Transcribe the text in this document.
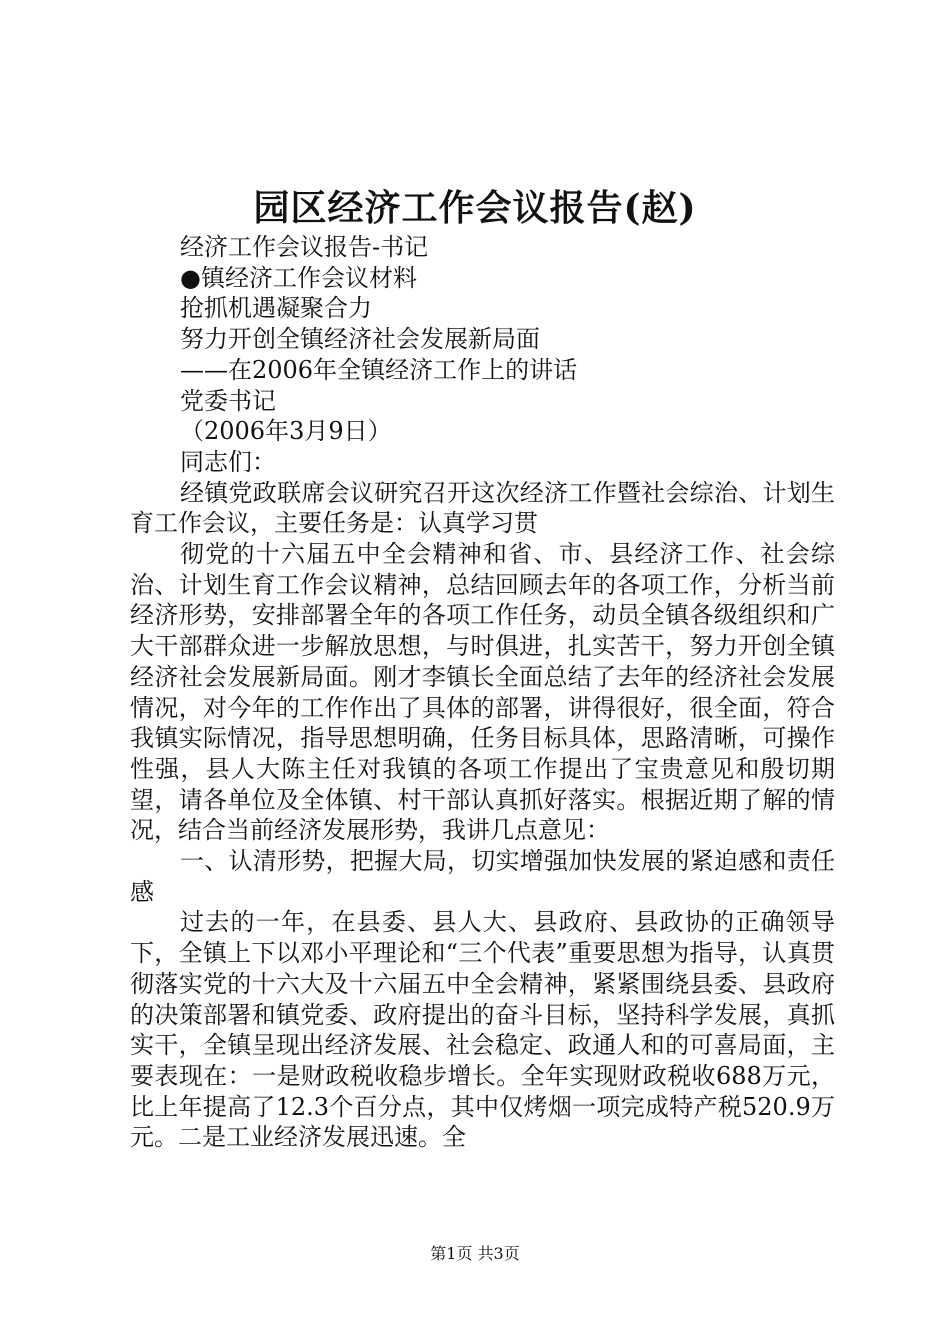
园区经济工作会议报告(赵)
经济工作会议报告-书记
●镇经济工作会议材料
抢抓机遇凝聚合力
努力开创全镇经济社会发展新局面
——在2006年全镇经济工作上的讲话
党委书记
（2006年3月9日）
同志们：

经镇党政联席会议研究召开这次经济工作暨社会综治、计划生育工作会议，主要任务是：认真学习贯

彻党的十六届五中全会精神和省、市、县经济工作、社会综治、计划生育工作会议精神，总结回顾去年的各项工作，分析当前经济形势，安排部署全年的各项工作任务，动员全镇各级组织和广大干部群众进一步解放思想，与时俱进，扎实苦干，努力开创全镇经济社会发展新局面。刚才李镇长全面总结了去年的经济社会发展情况，对今年的工作作出了具体的部署，讲得很好，很全面，符合我镇实际情况，指导思想明确，任务目标具体，思路清晰，可操作性强，县人大陈主任对我镇的各项工作提出了宝贵意见和殷切期望，请各单位及全体镇、村干部认真抓好落实。根据近期了解的情况，结合当前经济发展形势，我讲几点意见：

一、认清形势，把握大局，切实增强加快发展的紧迫感和责任感

过去的一年，在县委、县人大、县政府、县政协的正确领导下，全镇上下以邓小平理论和“三个代表”重要思想为指导，认真贯彻落实党的十六大及十六届五中全会精神，紧紧围绕县委、县政府的决策部署和镇党委、政府提出的奋斗目标，坚持科学发展，真抓实干，全镇呈现出经济发展、社会稳定、政通人和的可喜局面，主要表现在：一是财政税收稳步增长。全年实现财政税收688万元，比上年提高了12.3个百分点，其中仅烤烟一项完成特产税520.9万元。二是工业经济发展迅速。全

第1页 共3页
